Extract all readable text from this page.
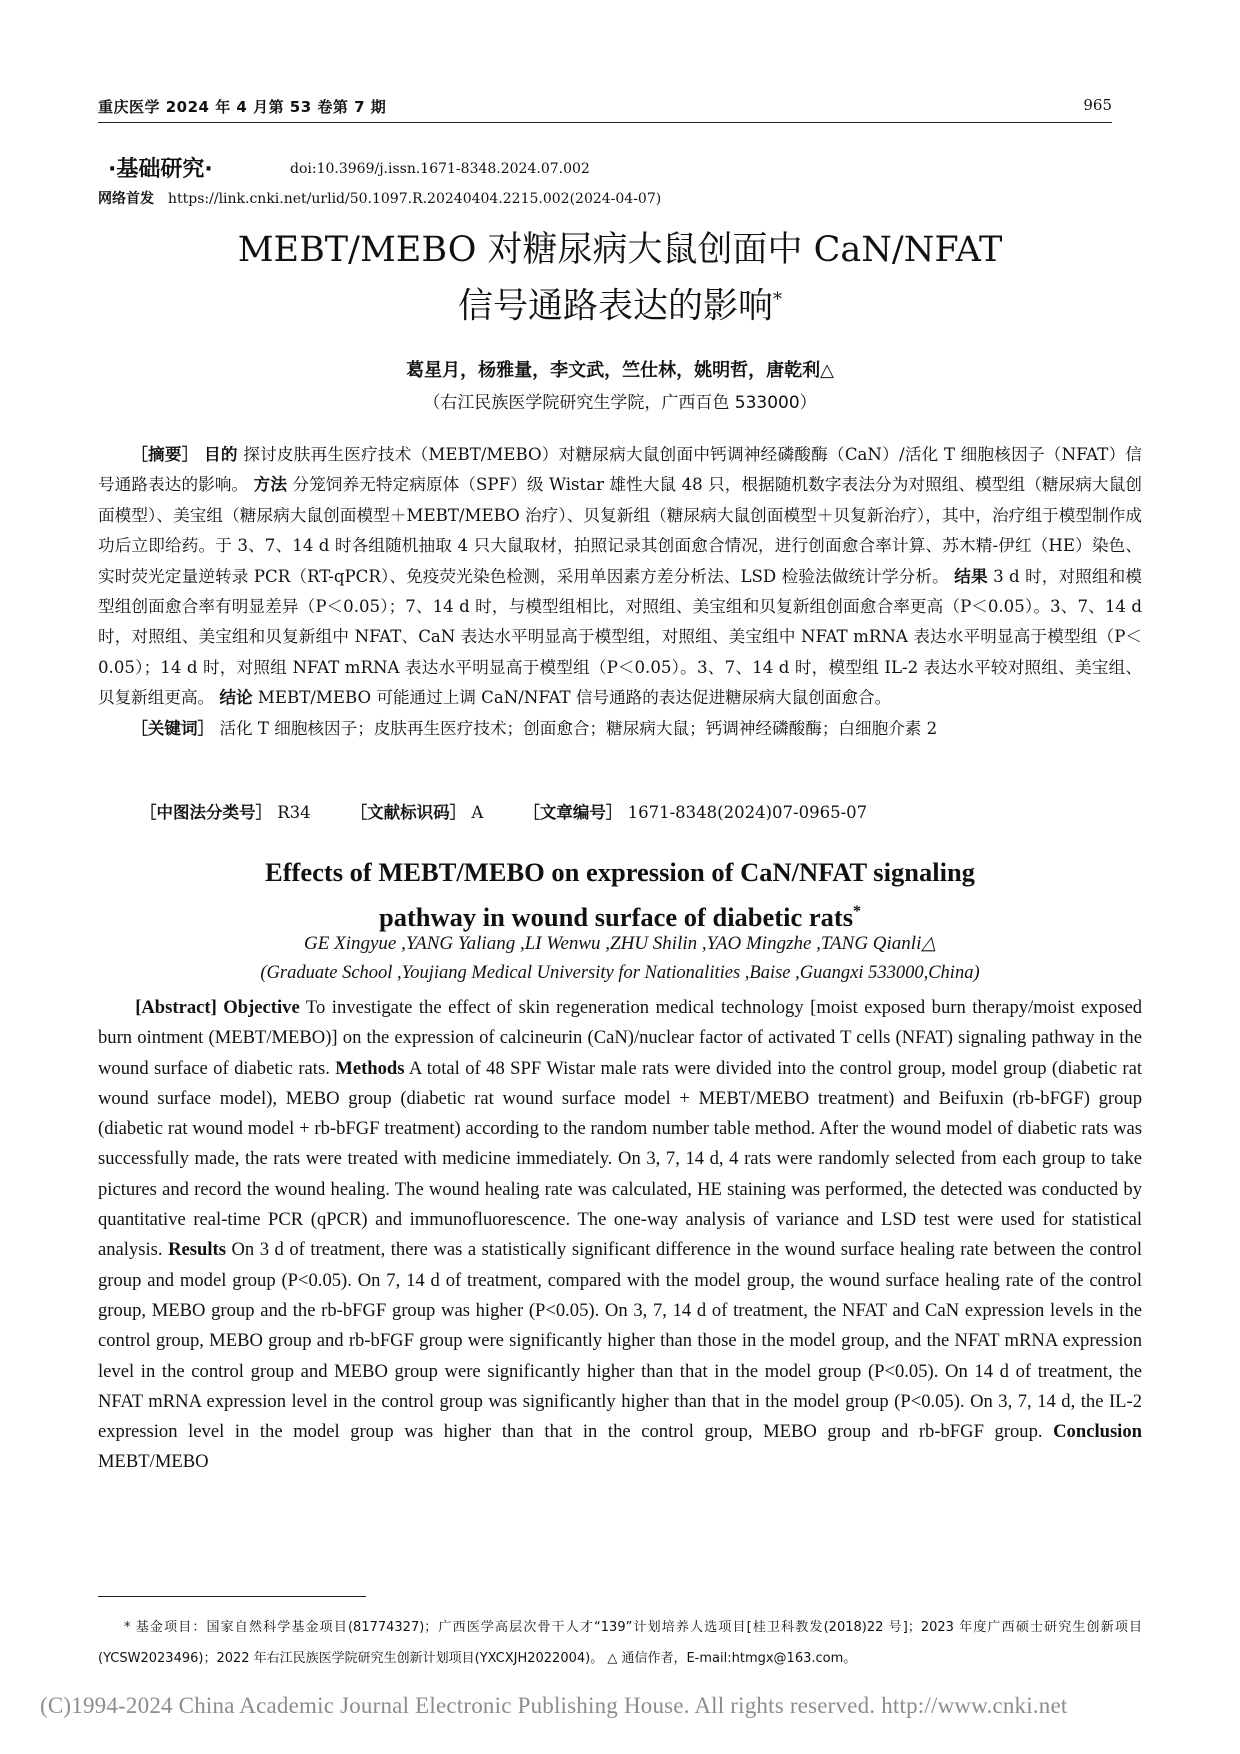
重庆医学 2024 年 4 月第 53 卷第 7 期	965
·基础研究·	doi:10.3969/j.issn.1671-8348.2024.07.002
网络首发 https://link.cnki.net/urlid/50.1097.R.20240404.2215.002(2024-04-07)
MEBT/MEBO 对糖尿病大鼠创面中 CaN/NFAT
信号通路表达的影响*
葛星月，杨雅量，李文武，竺仕林，姚明哲，唐乾利△
（右江民族医学院研究生学院，广西百色 533000）

［摘要］ 目的 探讨皮肤再生医疗技术（MEBT/MEBO）对糖尿病大鼠创面中钙调神经磷酸酶（CaN）/活化 T 细胞核因子（NFAT）信号通路表达的影响。 方法 分笼饲养无特定病原体（SPF）级 Wistar 雄性大鼠 48 只，根据随机数字表法分为对照组、模型组（糖尿病大鼠创面模型）、美宝组（糖尿病大鼠创面模型＋MEBT/MEBO 治疗）、贝复新组（糖尿病大鼠创面模型＋贝复新治疗），其中，治疗组于模型制作成功后立即给药。于 3、7、14 d 时各组随机抽取 4 只大鼠取材，拍照记录其创面愈合情况，进行创面愈合率计算、苏木精-伊红（HE）染色、实时荧光定量逆转录 PCR（RT-qPCR）、免疫荧光染色检测，采用单因素方差分析法、LSD 检验法做统计学分析。 结果 3 d 时，对照组和模型组创面愈合率有明显差异（P＜0.05）；7、14 d 时，与模型组相比，对照组、美宝组和贝复新组创面愈合率更高（P＜0.05）。3、7、14 d 时，对照组、美宝组和贝复新组中 NFAT、CaN 表达水平明显高于模型组，对照组、美宝组中 NFAT mRNA 表达水平明显高于模型组（P＜0.05）；14 d 时，对照组 NFAT mRNA 表达水平明显高于模型组（P＜0.05）。3、7、14 d 时，模型组 IL-2 表达水平较对照组、美宝组、贝复新组更高。 结论 MEBT/MEBO 可能通过上调 CaN/NFAT 信号通路的表达促进糖尿病大鼠创面愈合。

［关键词］ 活化 T 细胞核因子；皮肤再生医疗技术；创面愈合；糖尿病大鼠；钙调神经磷酸酶；白细胞介素 2

［中图法分类号］ R34 ［文献标识码］ A ［文章编号］ 1671-8348(2024)07-0965-07
Effects of MEBT/MEBO on expression of CaN/NFAT signaling
pathway in wound surface of diabetic rats*
GE Xingyue ,YANG Yaliang ,LI Wenwu ,ZHU Shilin ,YAO Mingzhe ,TANG Qianli△
(Graduate School ,Youjiang Medical University for Nationalities ,Baise ,Guangxi 533000,China)

[Abstract] Objective To investigate the effect of skin regeneration medical technology [moist exposed burn therapy/moist exposed burn ointment (MEBT/MEBO)] on the expression of calcineurin (CaN)/nuclear factor of activated T cells (NFAT) signaling pathway in the wound surface of diabetic rats. Methods A total of 48 SPF Wistar male rats were divided into the control group, model group (diabetic rat wound surface model), MEBO group (diabetic rat wound surface model + MEBT/MEBO treatment) and Beifuxin (rb-bFGF) group (diabetic rat wound model + rb-bFGF treatment) according to the random number table method. After the wound model of diabetic rats was successfully made, the rats were treated with medicine immediately. On 3, 7, 14 d, 4 rats were randomly selected from each group to take pictures and record the wound healing. The wound healing rate was calculated, HE staining was performed, the detected was conducted by quantitative real-time PCR (qPCR) and immunofluorescence. The one-way analysis of variance and LSD test were used for statistical analysis. Results On 3 d of treatment, there was a statistically significant difference in the wound surface healing rate between the control group and model group (P<0.05). On 7, 14 d of treatment, compared with the model group, the wound surface healing rate of the control group, MEBO group and the rb-bFGF group was higher (P<0.05). On 3, 7, 14 d of treatment, the NFAT and CaN expression levels in the control group, MEBO group and rb-bFGF group were significantly higher than those in the model group, and the NFAT mRNA expression level in the control group and MEBO group were significantly higher than that in the model group (P<0.05). On 14 d of treatment, the NFAT mRNA expression level in the control group was significantly higher than that in the model group (P<0.05). On 3, 7, 14 d, the IL-2 expression level in the model group was higher than that in the control group, MEBO group and rb-bFGF group. Conclusion MEBT/MEBO

* 基金项目：国家自然科学基金项目(81774327)；广西医学高层次骨干人才“139”计划培养人选项目[桂卫科教发(2018)22 号]；2023 年度广西硕士研究生创新项目(YCSW2023496)；2022 年右江民族医学院研究生创新计划项目(YXCXJH2022004)。 △ 通信作者，E-mail:htmgx@163.com。
(C)1994-2024 China Academic Journal Electronic Publishing House. All rights reserved. http://www.cnki.net
